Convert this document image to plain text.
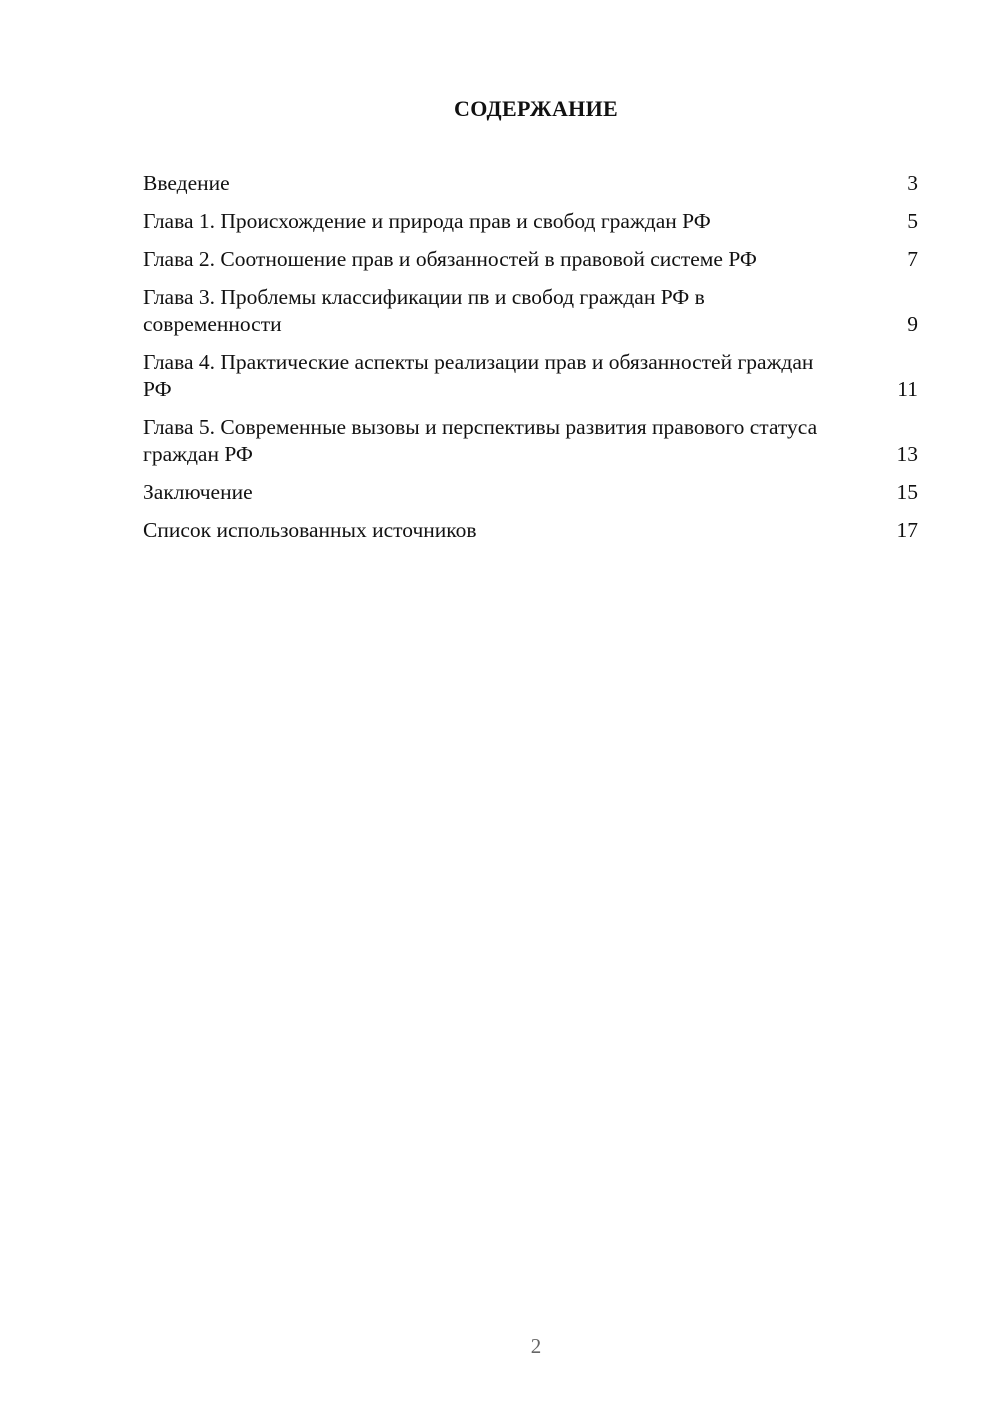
СОДЕРЖАНИЕ
Введение	3
Глава 1. Происхождение и природа прав и свобод граждан РФ	5
Глава 2. Соотношение прав и обязанностей в правовой системе РФ	7
Глава 3. Проблемы классификации пв и свобод граждан РФ в современности	9
Глава 4. Практические аспекты реализации прав и обязанностей граждан РФ	11
Глава 5. Современные вызовы и перспективы развития правового статуса граждан РФ	13
Заключение	15
Список использованных источников	17
2
